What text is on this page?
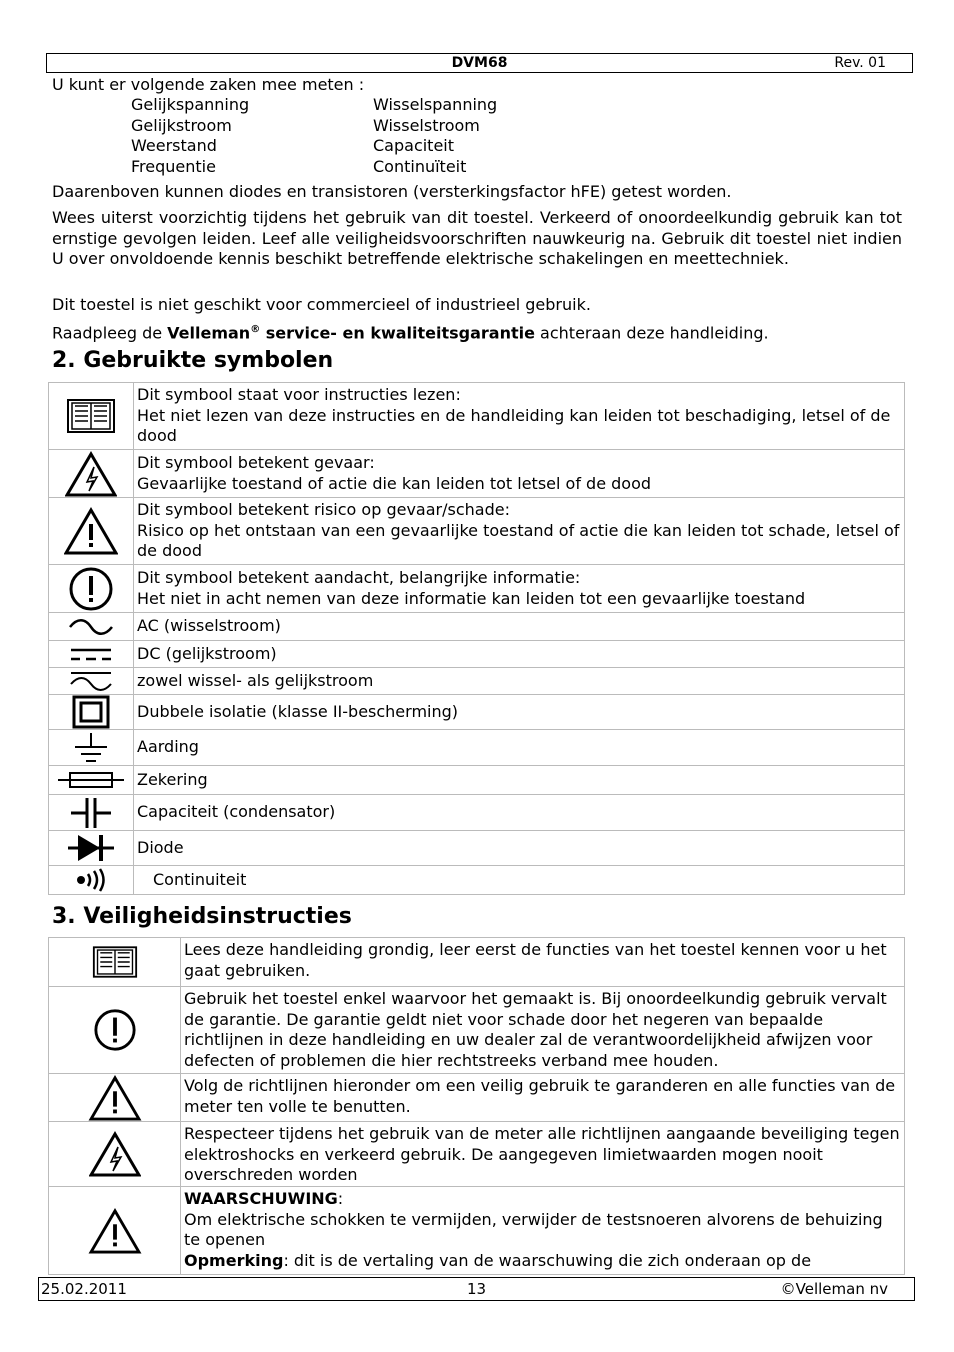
DVM68	Rev. 01
U kunt er volgende zaken mee meten :
Gelijkspanning	Wisselspanning
Gelijkstroom	Wisselstroom
Weerstand	Capaciteit
Frequentie	Continuïteit
Daarenboven kunnen diodes en transistoren (versterkingsfactor hFE) getest worden.
Wees uiterst voorzichtig tijdens het gebruik van dit toestel. Verkeerd of onoordeelkundig gebruik kan tot ernstige gevolgen leiden. Leef alle veiligheidsvoorschriften nauwkeurig na. Gebruik dit toestel niet indien U over onvoldoende kennis beschikt betreffende elektrische schakelingen en meettechniek.
Dit toestel is niet geschikt voor commercieel of industrieel gebruik.
Raadpleeg de Velleman® service- en kwaliteitsgarantie achteraan deze handleiding.
2. Gebruikte symbolen

Dit symbool staat voor instructies lezen:
Het niet lezen van deze instructies en de handleiding kan leiden tot beschadiging, letsel of de dood

Dit symbool betekent gevaar:
Gevaarlijke toestand of actie die kan leiden tot letsel of de dood

Dit symbool betekent risico op gevaar/schade:
Risico op het ontstaan van een gevaarlijke toestand of actie die kan leiden tot schade, letsel of de dood

Dit symbool betekent aandacht, belangrijke informatie:
Het niet in acht nemen van deze informatie kan leiden tot een gevaarlijke toestand

AC (wisselstroom)

DC (gelijkstroom)

zowel wissel- als gelijkstroom

Dubbele isolatie (klasse II-bescherming)

Aarding

Zekering

Capaciteit (condensator)

Diode

Continuiteit
3. Veiligheidsinstructies
	Lees deze handleiding grondig, leer eerst de functies van het toestel kennen voor u het gaat gebruiken.

	Gebruik het toestel enkel waarvoor het gemaakt is. Bij onoordeelkundig gebruik vervalt de garantie. De garantie geldt niet voor schade door het negeren van bepaalde richtlijnen in deze handleiding en uw dealer zal de verantwoordelijkheid afwijzen voor defecten of problemen die hier rechtstreeks verband mee houden.

	Volg de richtlijnen hieronder om een veilig gebruik te garanderen en alle functies van de meter ten volle te benutten.

	Respecteer tijdens het gebruik van de meter alle richtlijnen aangaande beveiliging tegen elektroshocks en verkeerd gebruik. De aangegeven limietwaarden mogen nooit overschreden worden

WAARSCHUWING:
Om elektrische schokken te vermijden, verwijder de testsnoeren alvorens de behuizing te openen
Opmerking: dit is de vertaling van de waarschuwing die zich onderaan op de
25.02.2011	13	©Velleman nv
